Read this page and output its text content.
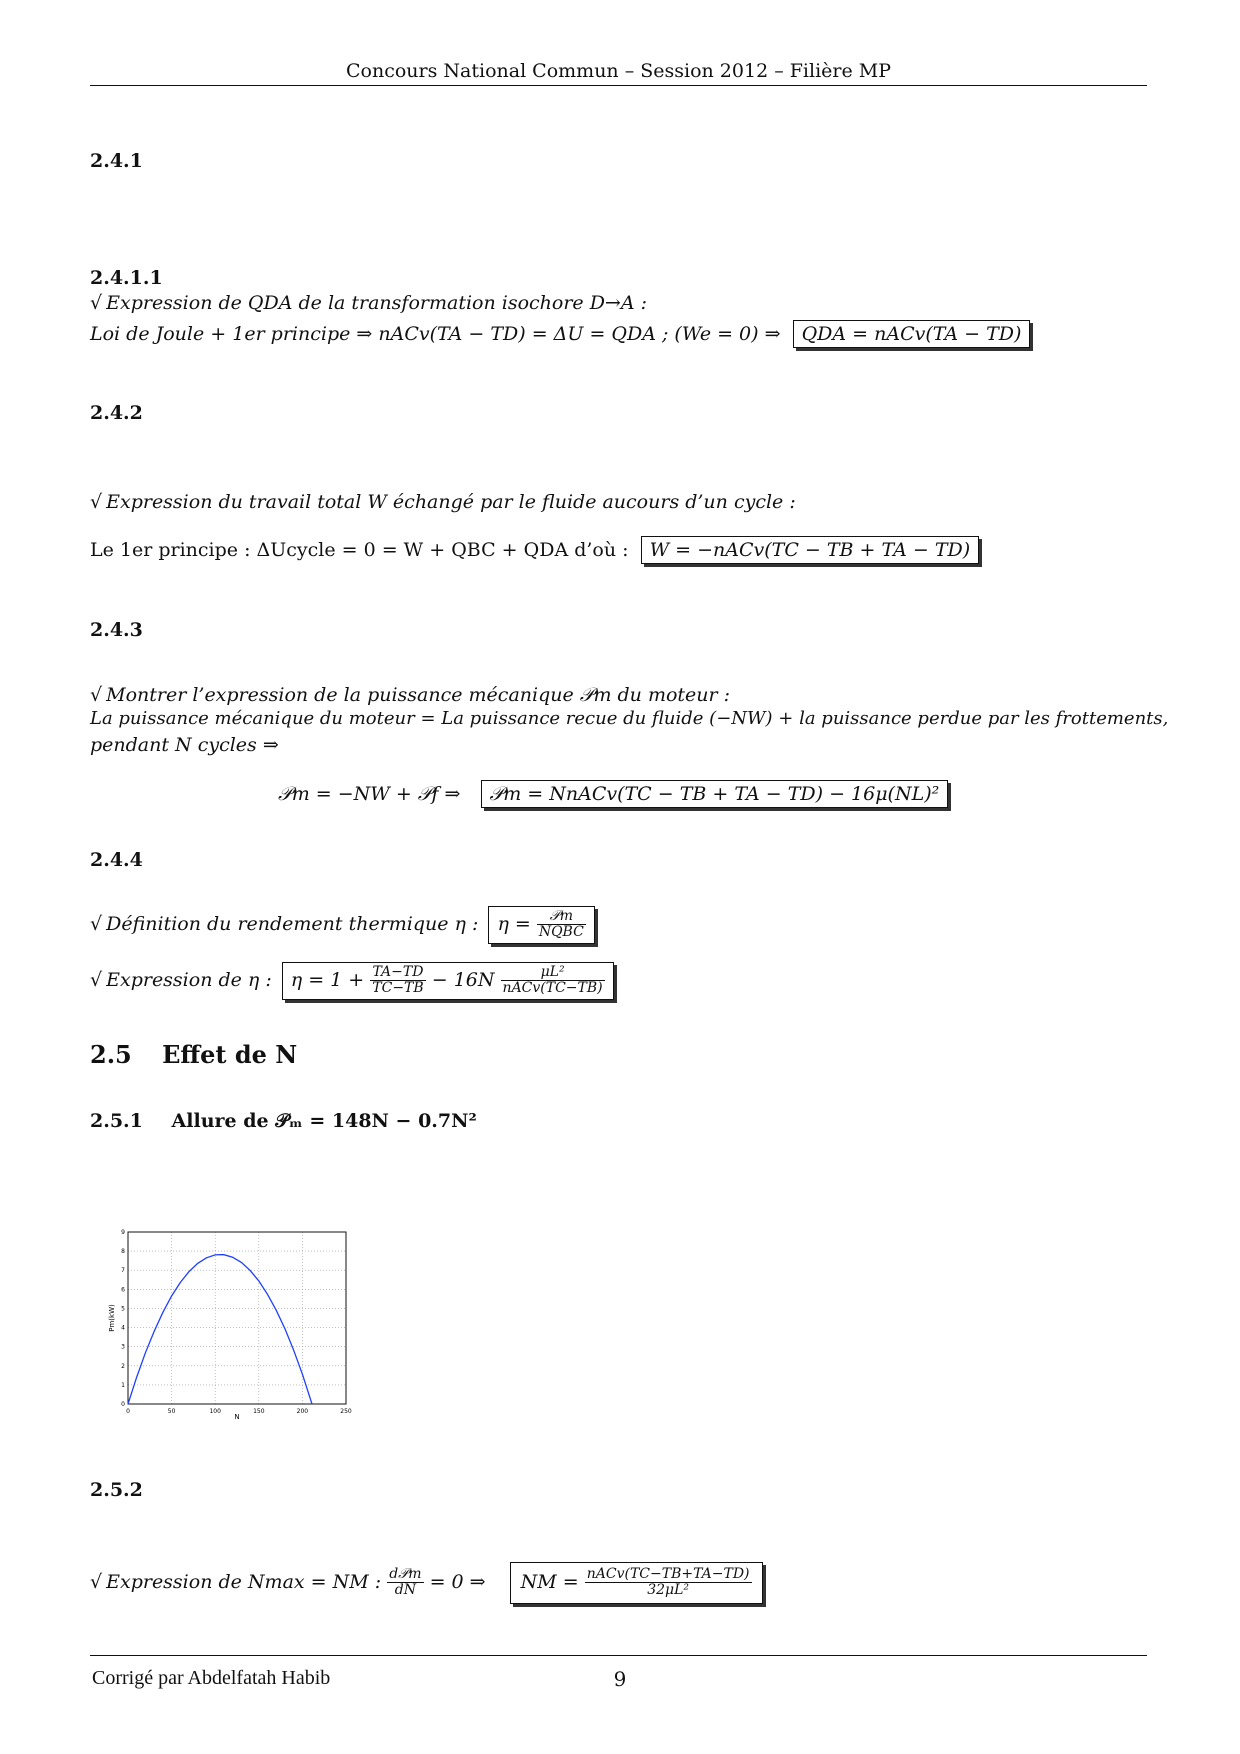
Concours National Commun – Session 2012 – Filière MP
2.4.1
2.4.1.1
√ Expression de QDA de la transformation isochore D→A :
Loi de Joule + 1er principe ⇒ nACv(TA − TD) = ΔU = QDA ; (We = 0) ⇒ QDA = nACv(TA − TD)
2.4.2
√ Expression du travail total W échangé par le fluide aucours d’un cycle :
Le 1er principe : ΔUcycle = 0 = W + QBC + QDA d’où : W = −nACv(TC − TB + TA − TD)
2.4.3
√ Montrer l’expression de la puissance mécanique 𝒫m du moteur :
La puissance mécanique du moteur = La puissance recue du fluide (−NW) + la puissance perdue par les frottements,
pendant N cycles ⇒
𝒫m = −NW + 𝒫f ⇒ 𝒫m = NnACv(TC − TB + TA − TD) − 16μ(NL)²
2.4.4
√ Définition du rendement thermique η : $\eta = \frac{\text{𝒫m}}{\text{NQBC}}$
√ Expression de η : $\eta = 1 + \frac{TA-TD}{TC-TB} - 16N \frac{\text{μL²}}{\text{nACv(TC−TB)}}$
2.5 Effet de N
2.5.1 Allure de 𝒫ₘ = 148N − 0.7N²
0	50	100	150	200	250
0
1
2
3
4
5
6
7
8
9
N
Pm(kW)
2.5.2
√ Expression de Nmax = NM : $\frac{\text{d𝒫m}}{dN} = 0$ ⇒ NM = $\frac{\text{nACv(TC−TB+TA−TD)}}{\text{32μL²}}$
Corrigé par Abdelfatah Habib	9
